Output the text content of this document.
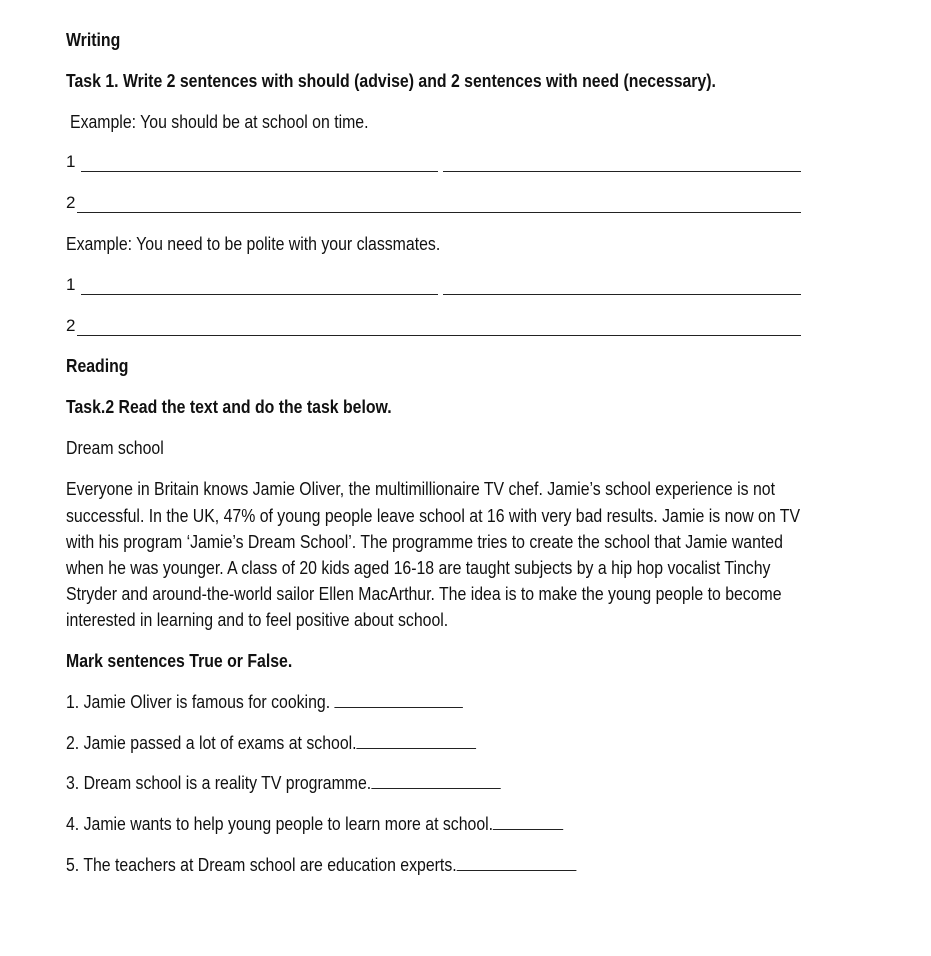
Writing
Task 1. Write 2 sentences with should (advise) and 2 sentences with need (necessary).
Example: You should be at school on time.
1
2
Example: You need to be polite with your classmates.
1
2
Reading
Task.2 Read the text and do the task below.
Dream school
Everyone in Britain knows Jamie Oliver, the multimillionaire TV chef. Jamie’s school experience is not
successful. In the UK, 47% of young people leave school at 16 with very bad results. Jamie is now on TV
with his program ‘Jamie’s Dream School’. The programme tries to create the school that Jamie wanted
when he was younger. A class of 20 kids aged 16-18 are taught subjects by a hip hop vocalist Tinchy
Stryder and around-the-world sailor Ellen MacArthur. The idea is to make the young people to become
interested in learning and to feel positive about school.
Mark sentences True or False.
1. Jamie Oliver is famous for cooking.
2. Jamie passed a lot of exams at school.
3. Dream school is a reality TV programme.
4. Jamie wants to help young people to learn more at school.
5. The teachers at Dream school are education experts.
